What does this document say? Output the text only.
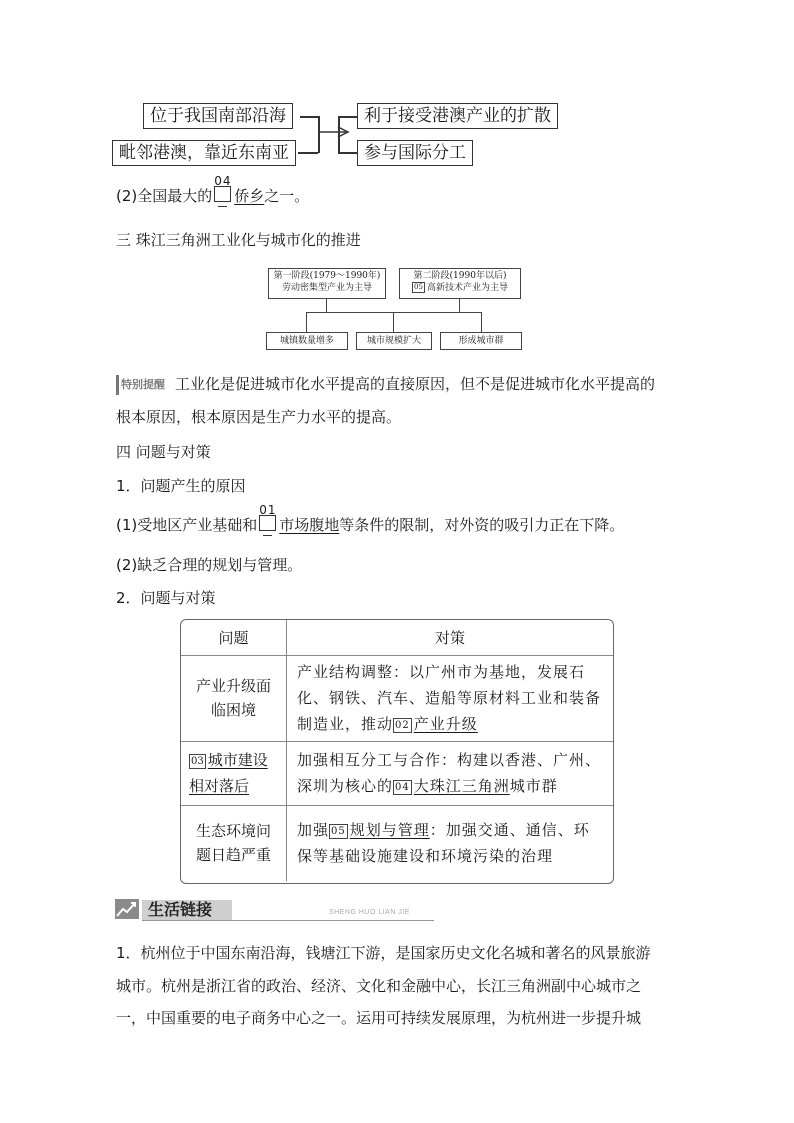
位于我国南部沿海
毗邻港澳，靠近东南亚
利于接受港澳产业的扩散
参与国际分工
(2)全国最大的
04
侨乡之一。
三 珠江三角洲工业化与城市化的推进
第一阶段(1979～1990年)
劳动密集型产业为主导
第二阶段(1990年以后)
05 高新技术产业为主导
城镇数量增多	城市规模扩大	形成城市群
特别提醒 工业化是促进城市化水平提高的直接原因，但不是促进城市化水平提高的
根本原因，根本原因是生产力水平的提高。
四 问题与对策
1．问题产生的原因
(1)受地区产业基础和
01
市场腹地等条件的限制，对外资的吸引力正在下降。
(2)缺乏合理的规划与管理。
2．问题与对策
问题	对策
产业升级面临困境	产业结构调整：以广州市为基地，发展石化、钢铁、汽车、造船等原材料工业和装备制造业，推动 02 产业升级
03 城市建设相对落后	加强相互分工与合作：构建以香港、广州、深圳为核心的 04 大珠江三角洲城市群
生态环境问题日趋严重	加强 05 规划与管理：加强交通、通信、环保等基础设施建设和环境污染的治理
生活链接	SHENG HUO LIAN JIE
1．杭州位于中国东南沿海，钱塘江下游，是国家历史文化名城和著名的风景旅游
城市。杭州是浙江省的政治、经济、文化和金融中心，长江三角洲副中心城市之
一，中国重要的电子商务中心之一。运用可持续发展原理，为杭州进一步提升城
